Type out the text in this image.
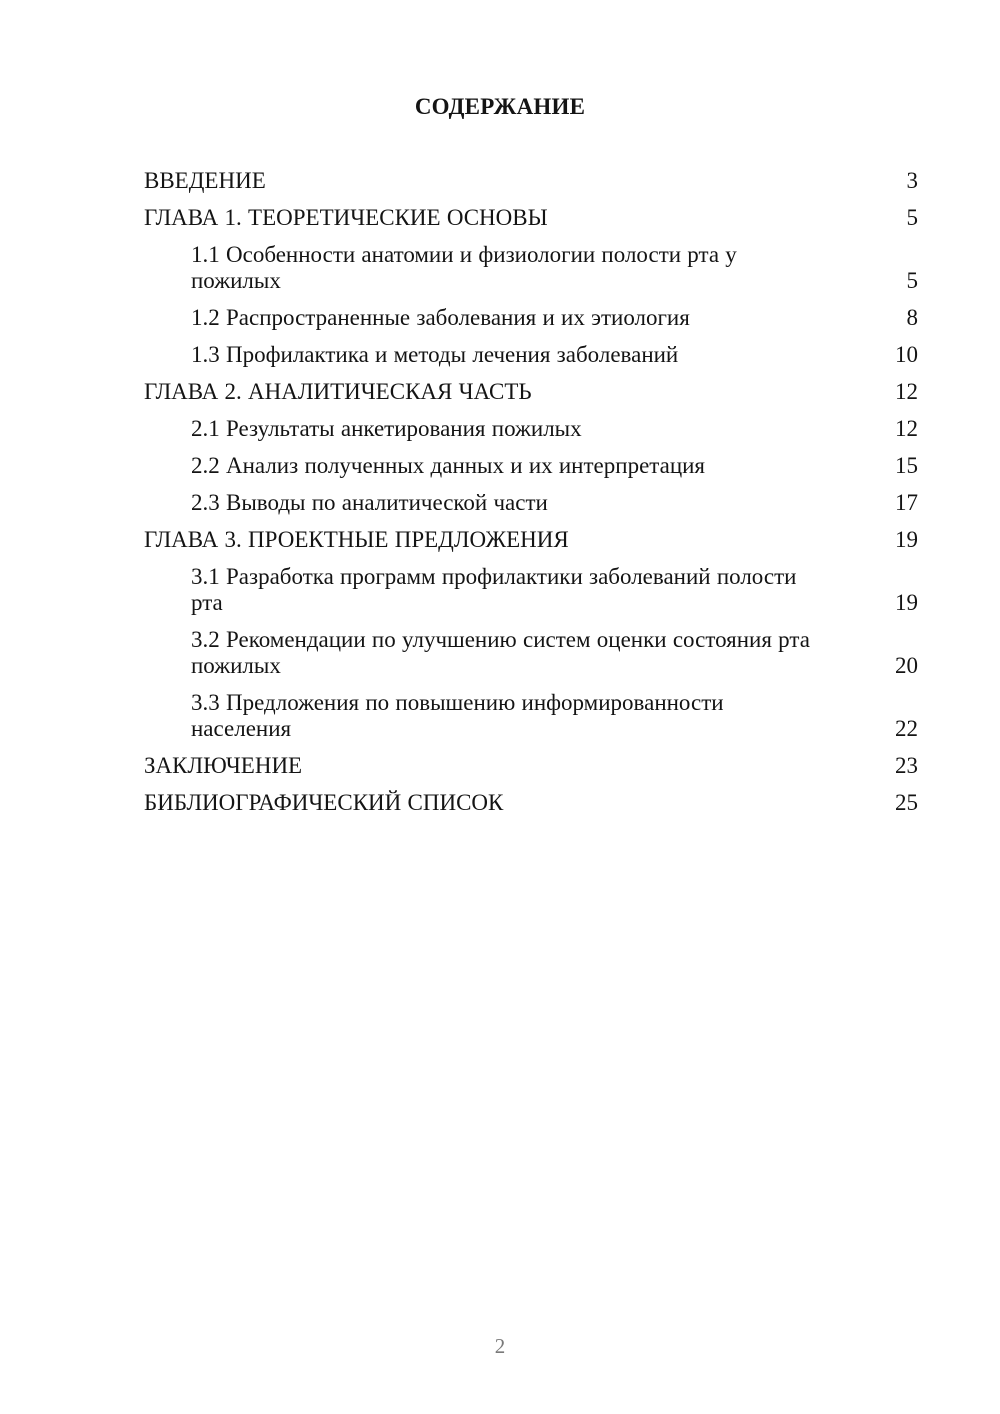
СОДЕРЖАНИЕ
ВВЕДЕНИЕ	3
ГЛАВА 1. ТЕОРЕТИЧЕСКИЕ ОСНОВЫ	5
1.1 Особенности анатомии и физиологии полости рта у пожилых	5
1.2 Распространенные заболевания и их этиология	8
1.3 Профилактика и методы лечения заболеваний	10
ГЛАВА 2. АНАЛИТИЧЕСКАЯ ЧАСТЬ	12
2.1 Результаты анкетирования пожилых	12
2.2 Анализ полученных данных и их интерпретация	15
2.3 Выводы по аналитической части	17
ГЛАВА 3. ПРОЕКТНЫЕ ПРЕДЛОЖЕНИЯ	19
3.1 Разработка программ профилактики заболеваний полости рта	19
3.2 Рекомендации по улучшению систем оценки состояния рта пожилых	20
3.3 Предложения по повышению информированности населения	22
ЗАКЛЮЧЕНИЕ	23
БИБЛИОГРАФИЧЕСКИЙ СПИСОК	25
2
